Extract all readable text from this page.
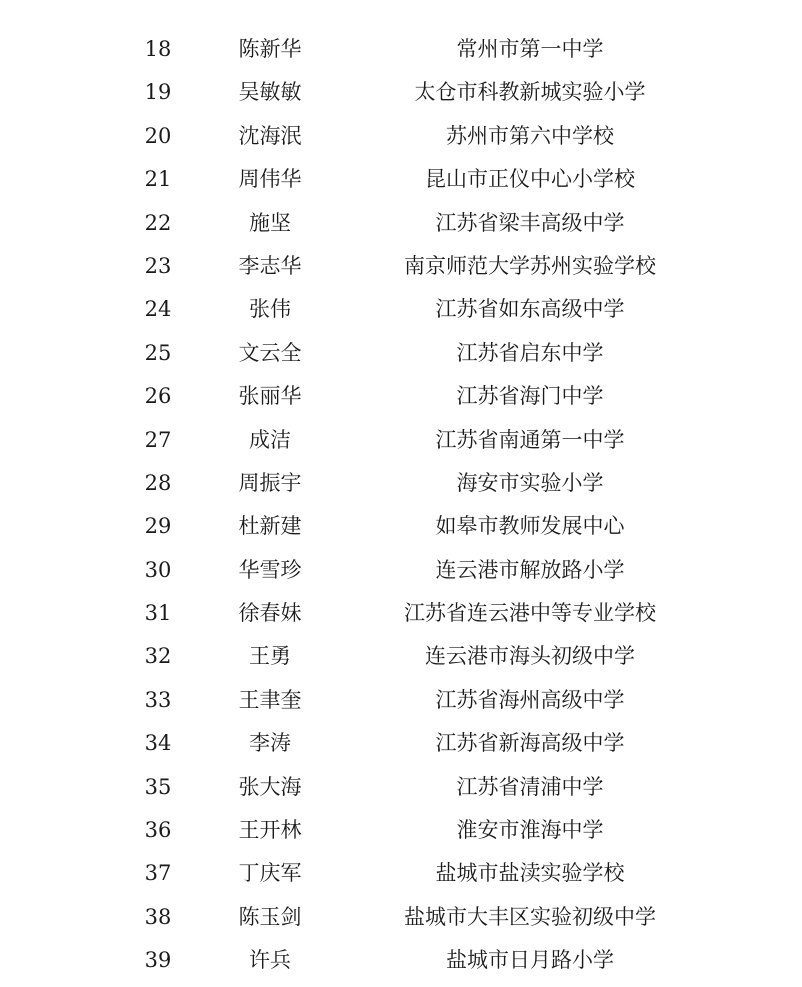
18	陈新华	常州市第一中学
19	吴敏敏	太仓市科教新城实验小学
20	沈海泯	苏州市第六中学校
21	周伟华	昆山市正仪中心小学校
22	施坚	江苏省梁丰高级中学
23	李志华	南京师范大学苏州实验学校
24	张伟	江苏省如东高级中学
25	文云全	江苏省启东中学
26	张丽华	江苏省海门中学
27	成洁	江苏省南通第一中学
28	周振宇	海安市实验小学
29	杜新建	如皋市教师发展中心
30	华雪珍	连云港市解放路小学
31	徐春妹	江苏省连云港中等专业学校
32	王勇	连云港市海头初级中学
33	王聿奎	江苏省海州高级中学
34	李涛	江苏省新海高级中学
35	张大海	江苏省清浦中学
36	王开林	淮安市淮海中学
37	丁庆军	盐城市盐渎实验学校
38	陈玉剑	盐城市大丰区实验初级中学
39	许兵	盐城市日月路小学
